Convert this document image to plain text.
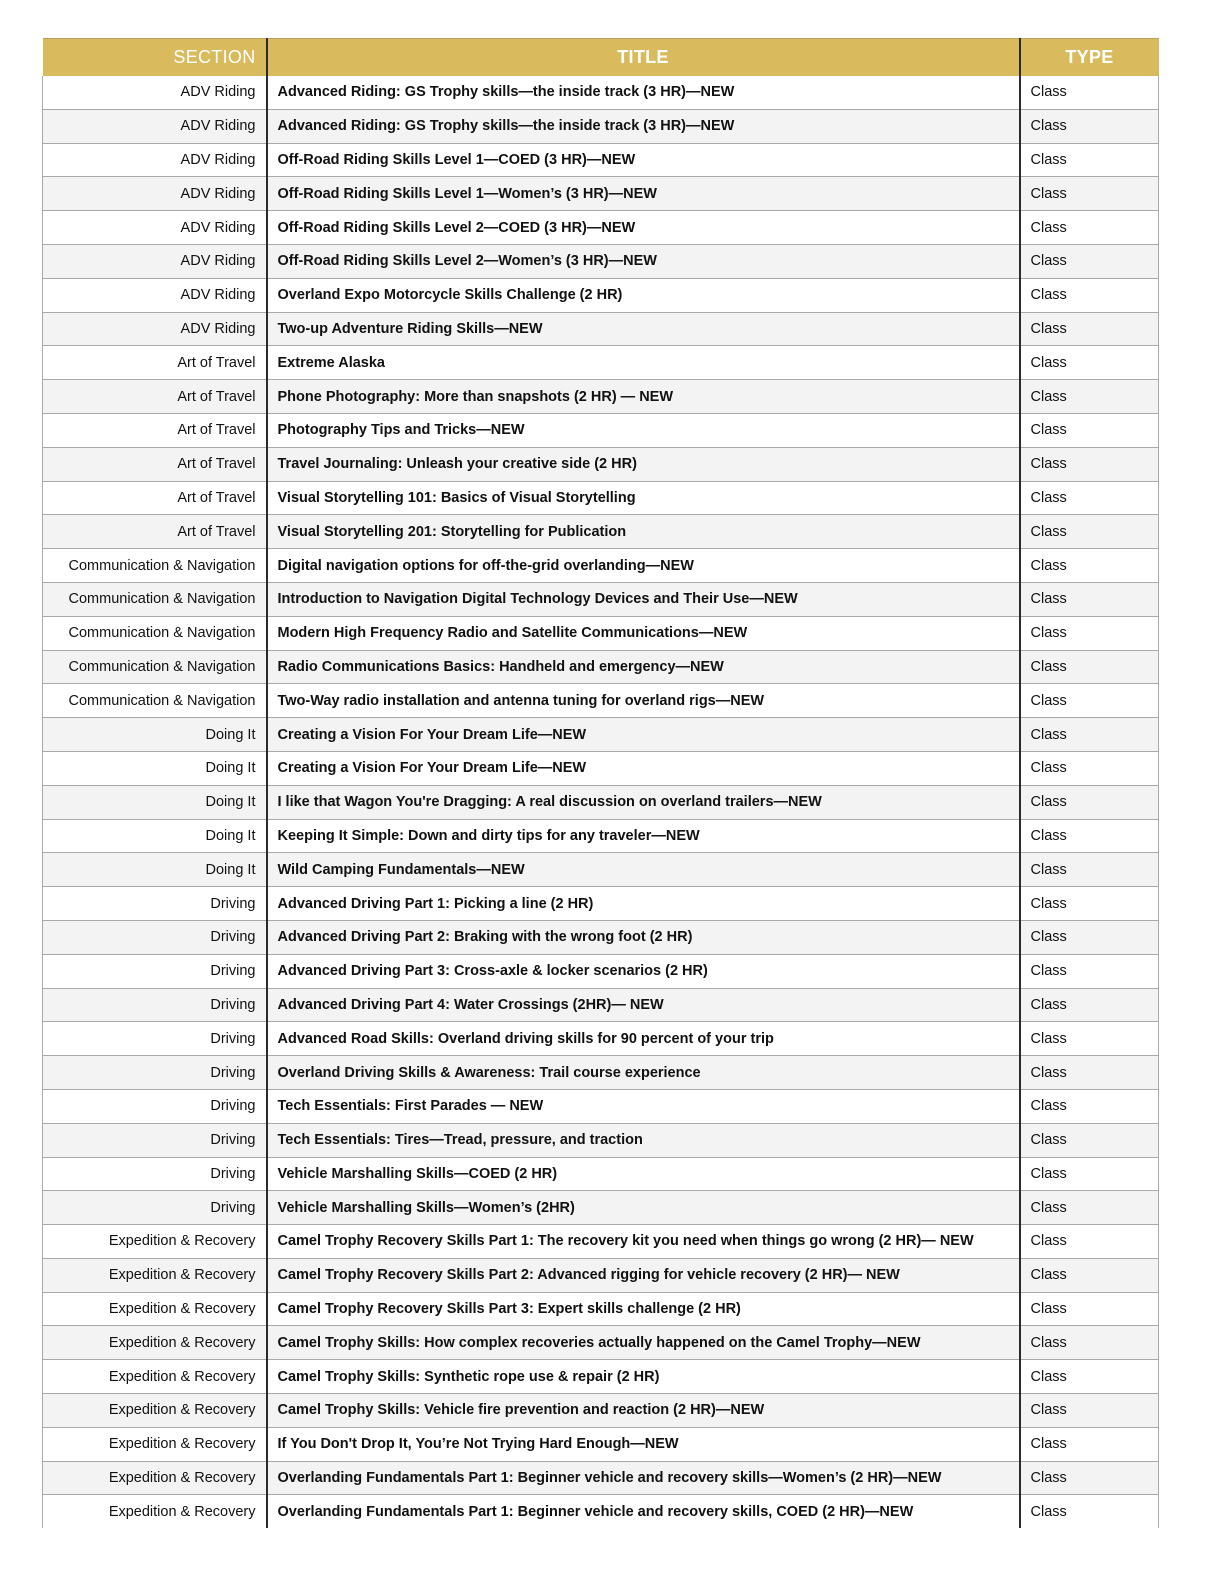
SECTION	TITLE	TYPE
ADV Riding	Advanced Riding: GS Trophy skills—the inside track (3 HR)—NEW	Class
ADV Riding	Advanced Riding: GS Trophy skills—the inside track (3 HR)—NEW	Class
ADV Riding	Off-Road Riding Skills Level 1—COED (3 HR)—NEW	Class
ADV Riding	Off-Road Riding Skills Level 1—Women’s (3 HR)—NEW	Class
ADV Riding	Off-Road Riding Skills Level 2—COED (3 HR)—NEW	Class
ADV Riding	Off-Road Riding Skills Level 2—Women’s (3 HR)—NEW	Class
ADV Riding	Overland Expo Motorcycle Skills Challenge (2 HR)	Class
ADV Riding	Two-up Adventure Riding Skills—NEW	Class
Art of Travel	Extreme Alaska	Class
Art of Travel	Phone Photography: More than snapshots (2 HR) — NEW	Class
Art of Travel	Photography Tips and Tricks—NEW	Class
Art of Travel	Travel Journaling: Unleash your creative side (2 HR)	Class
Art of Travel	Visual Storytelling 101: Basics of Visual Storytelling	Class
Art of Travel	Visual Storytelling 201: Storytelling for Publication	Class
Communication & Navigation	Digital navigation options for off-the-grid overlanding—NEW	Class
Communication & Navigation	Introduction to Navigation Digital Technology Devices and Their Use—NEW	Class
Communication & Navigation	Modern High Frequency Radio and Satellite Communications—NEW	Class
Communication & Navigation	Radio Communications Basics: Handheld and emergency—NEW	Class
Communication & Navigation	Two-Way radio installation and antenna tuning for overland rigs—NEW	Class
Doing It	Creating a Vision For Your Dream Life—NEW	Class
Doing It	Creating a Vision For Your Dream Life—NEW	Class
Doing It	I like that Wagon You're Dragging: A real discussion on overland trailers—NEW	Class
Doing It	Keeping It Simple: Down and dirty tips for any traveler—NEW	Class
Doing It	Wild Camping Fundamentals—NEW	Class
Driving	Advanced Driving Part 1: Picking a line (2 HR)	Class
Driving	Advanced Driving Part 2: Braking with the wrong foot (2 HR)	Class
Driving	Advanced Driving Part 3: Cross-axle & locker scenarios (2 HR)	Class
Driving	Advanced Driving Part 4: Water Crossings (2HR)— NEW	Class
Driving	Advanced Road Skills: Overland driving skills for 90 percent of your trip	Class
Driving	Overland Driving Skills & Awareness: Trail course experience	Class
Driving	Tech Essentials: First Parades — NEW	Class
Driving	Tech Essentials: Tires—Tread, pressure, and traction	Class
Driving	Vehicle Marshalling Skills—COED (2 HR)	Class
Driving	Vehicle Marshalling Skills—Women’s (2HR)	Class
Expedition & Recovery	Camel Trophy Recovery Skills Part 1: The recovery kit you need when things go wrong (2 HR)— NEW	Class
Expedition & Recovery	Camel Trophy Recovery Skills Part 2: Advanced rigging for vehicle recovery (2 HR)— NEW	Class
Expedition & Recovery	Camel Trophy Recovery Skills Part 3: Expert skills challenge (2 HR)	Class
Expedition & Recovery	Camel Trophy Skills: How complex recoveries actually happened on the Camel Trophy—NEW	Class
Expedition & Recovery	Camel Trophy Skills: Synthetic rope use & repair (2 HR)	Class
Expedition & Recovery	Camel Trophy Skills: Vehicle fire prevention and reaction (2 HR)—NEW	Class
Expedition & Recovery	If You Don't Drop It, You’re Not Trying Hard Enough—NEW	Class
Expedition & Recovery	Overlanding Fundamentals Part 1: Beginner vehicle and recovery skills—Women’s (2 HR)—NEW	Class
Expedition & Recovery	Overlanding Fundamentals Part 1: Beginner vehicle and recovery skills, COED (2 HR)—NEW	Class
